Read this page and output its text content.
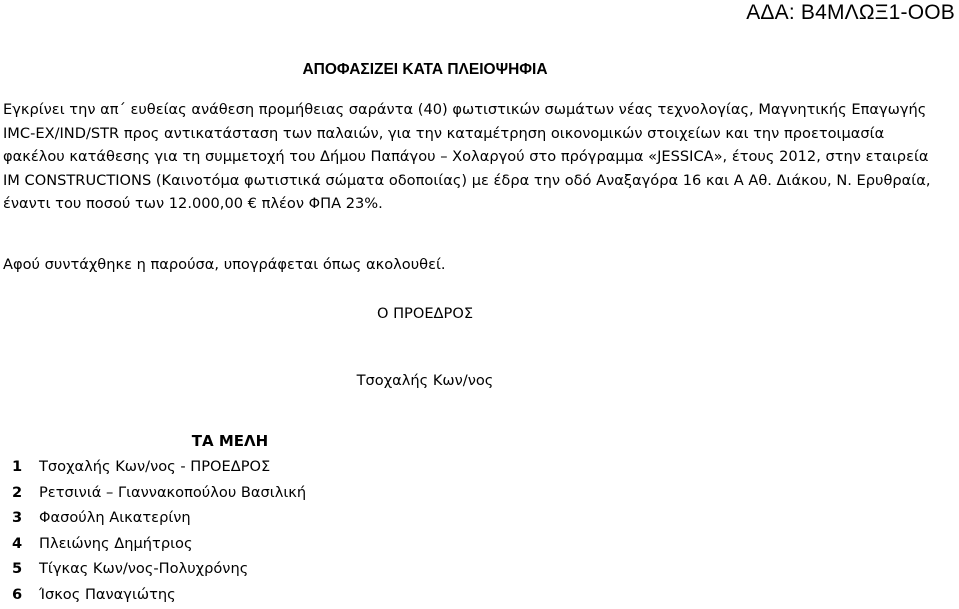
ΑΔΑ: Β4ΜΛΩΞ1-ΟΟΒ
ΑΠΟΦΑΣΙΖΕΙ ΚΑΤΑ ΠΛΕΙΟΨΗΦΙΑ

Εγκρίνει την απ΄ ευθείας ανάθεση προμήθειας σαράντα (40) φωτιστικών σωμάτων νέας τεχνολογίας, Μαγνητικής Επαγωγής IMC-EX/IND/STR προς αντικατάσταση των παλαιών, για την καταμέτρηση οικονομικών στοιχείων και την προετοιμασία φακέλου κατάθεσης για τη συμμετοχή του Δήμου Παπάγου – Χολαργού στο πρόγραμμα «JESSICA», έτους 2012, στην εταιρεία IM CONSTRUCTIONS (Καινοτόμα φωτιστικά σώματα οδοποιίας) με έδρα την οδό Αναξαγόρα 16 και Α Αθ. Διάκου, Ν. Ερυθραία, έναντι του ποσού των 12.000,00 € πλέον ΦΠΑ 23%.

Αφού συντάχθηκε η παρούσα, υπογράφεται όπως ακολουθεί.

Ο ΠΡΟΕΔΡΟΣ
Τσοχαλής Κων/νος
ΤΑ ΜΕΛΗ
1 Τσοχαλής Κων/νος - ΠΡΟΕΔΡΟΣ
2 Ρετσινιά – Γιαννακοπούλου Βασιλική
3 Φασούλη Αικατερίνη
4 Πλειώνης Δημήτριος
5 Τίγκας Κων/νος-Πολυχρόνης
6 Ίσκος Παναγιώτης
